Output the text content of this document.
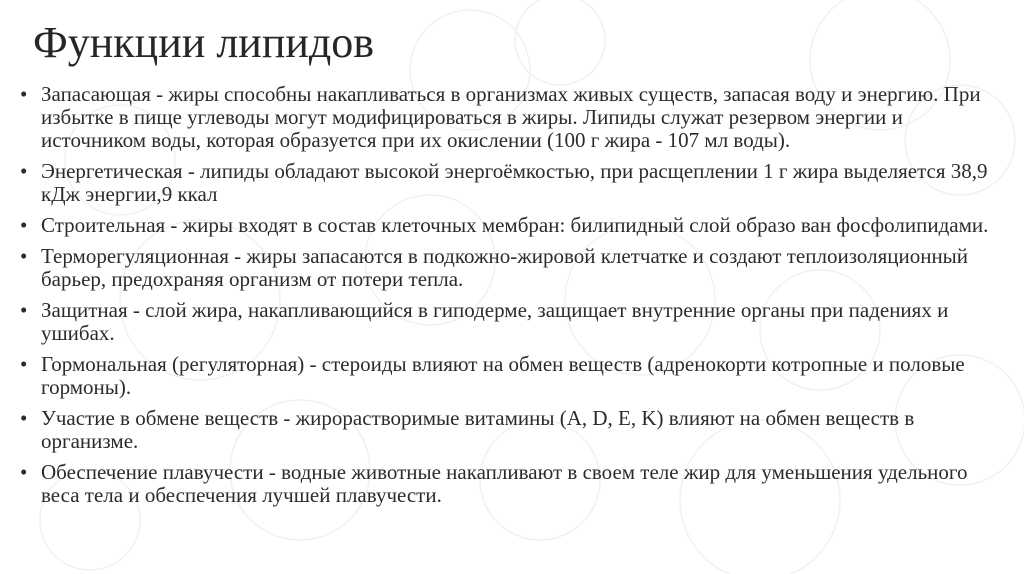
Функции липидов
• Запасающая - жиры способны накапливаться в организмах живых существ, запасая воду и энергию. При избытке в пище углеводы могут модифицироваться в жиры. Липиды служат резервом энергии и источником воды, которая образуется при их окислении (100 г жира - 107 мл воды).
• Энергетическая - липиды обладают высокой энергоёмкостью, при расщеплении 1 г жира выделяется 38,9 кДж энергии,9 ккал
• Строительная - жиры входят в состав клеточных мембран: билипидный слой образо ван фосфолипидами.
• Терморегуляционная - жиры запасаются в подкожно-жировой клетчатке и создают теплоизоляционный барьер, предохраняя организм от потери тепла.
• Защитная - слой жира, накапливающийся в гиподерме, защищает внутренние органы при падениях и ушибах.
• Гормональная (регуляторная) - стероиды влияют на обмен веществ (адренокорти котропные и половые гормоны).
• Участие в обмене веществ - жирорастворимые витамины (A, D, E, K) влияют на обмен веществ в организме.
• Обеспечение плавучести - водные животные накапливают в своем теле жир для уменьшения удельного веса тела и обеспечения лучшей плавучести.
